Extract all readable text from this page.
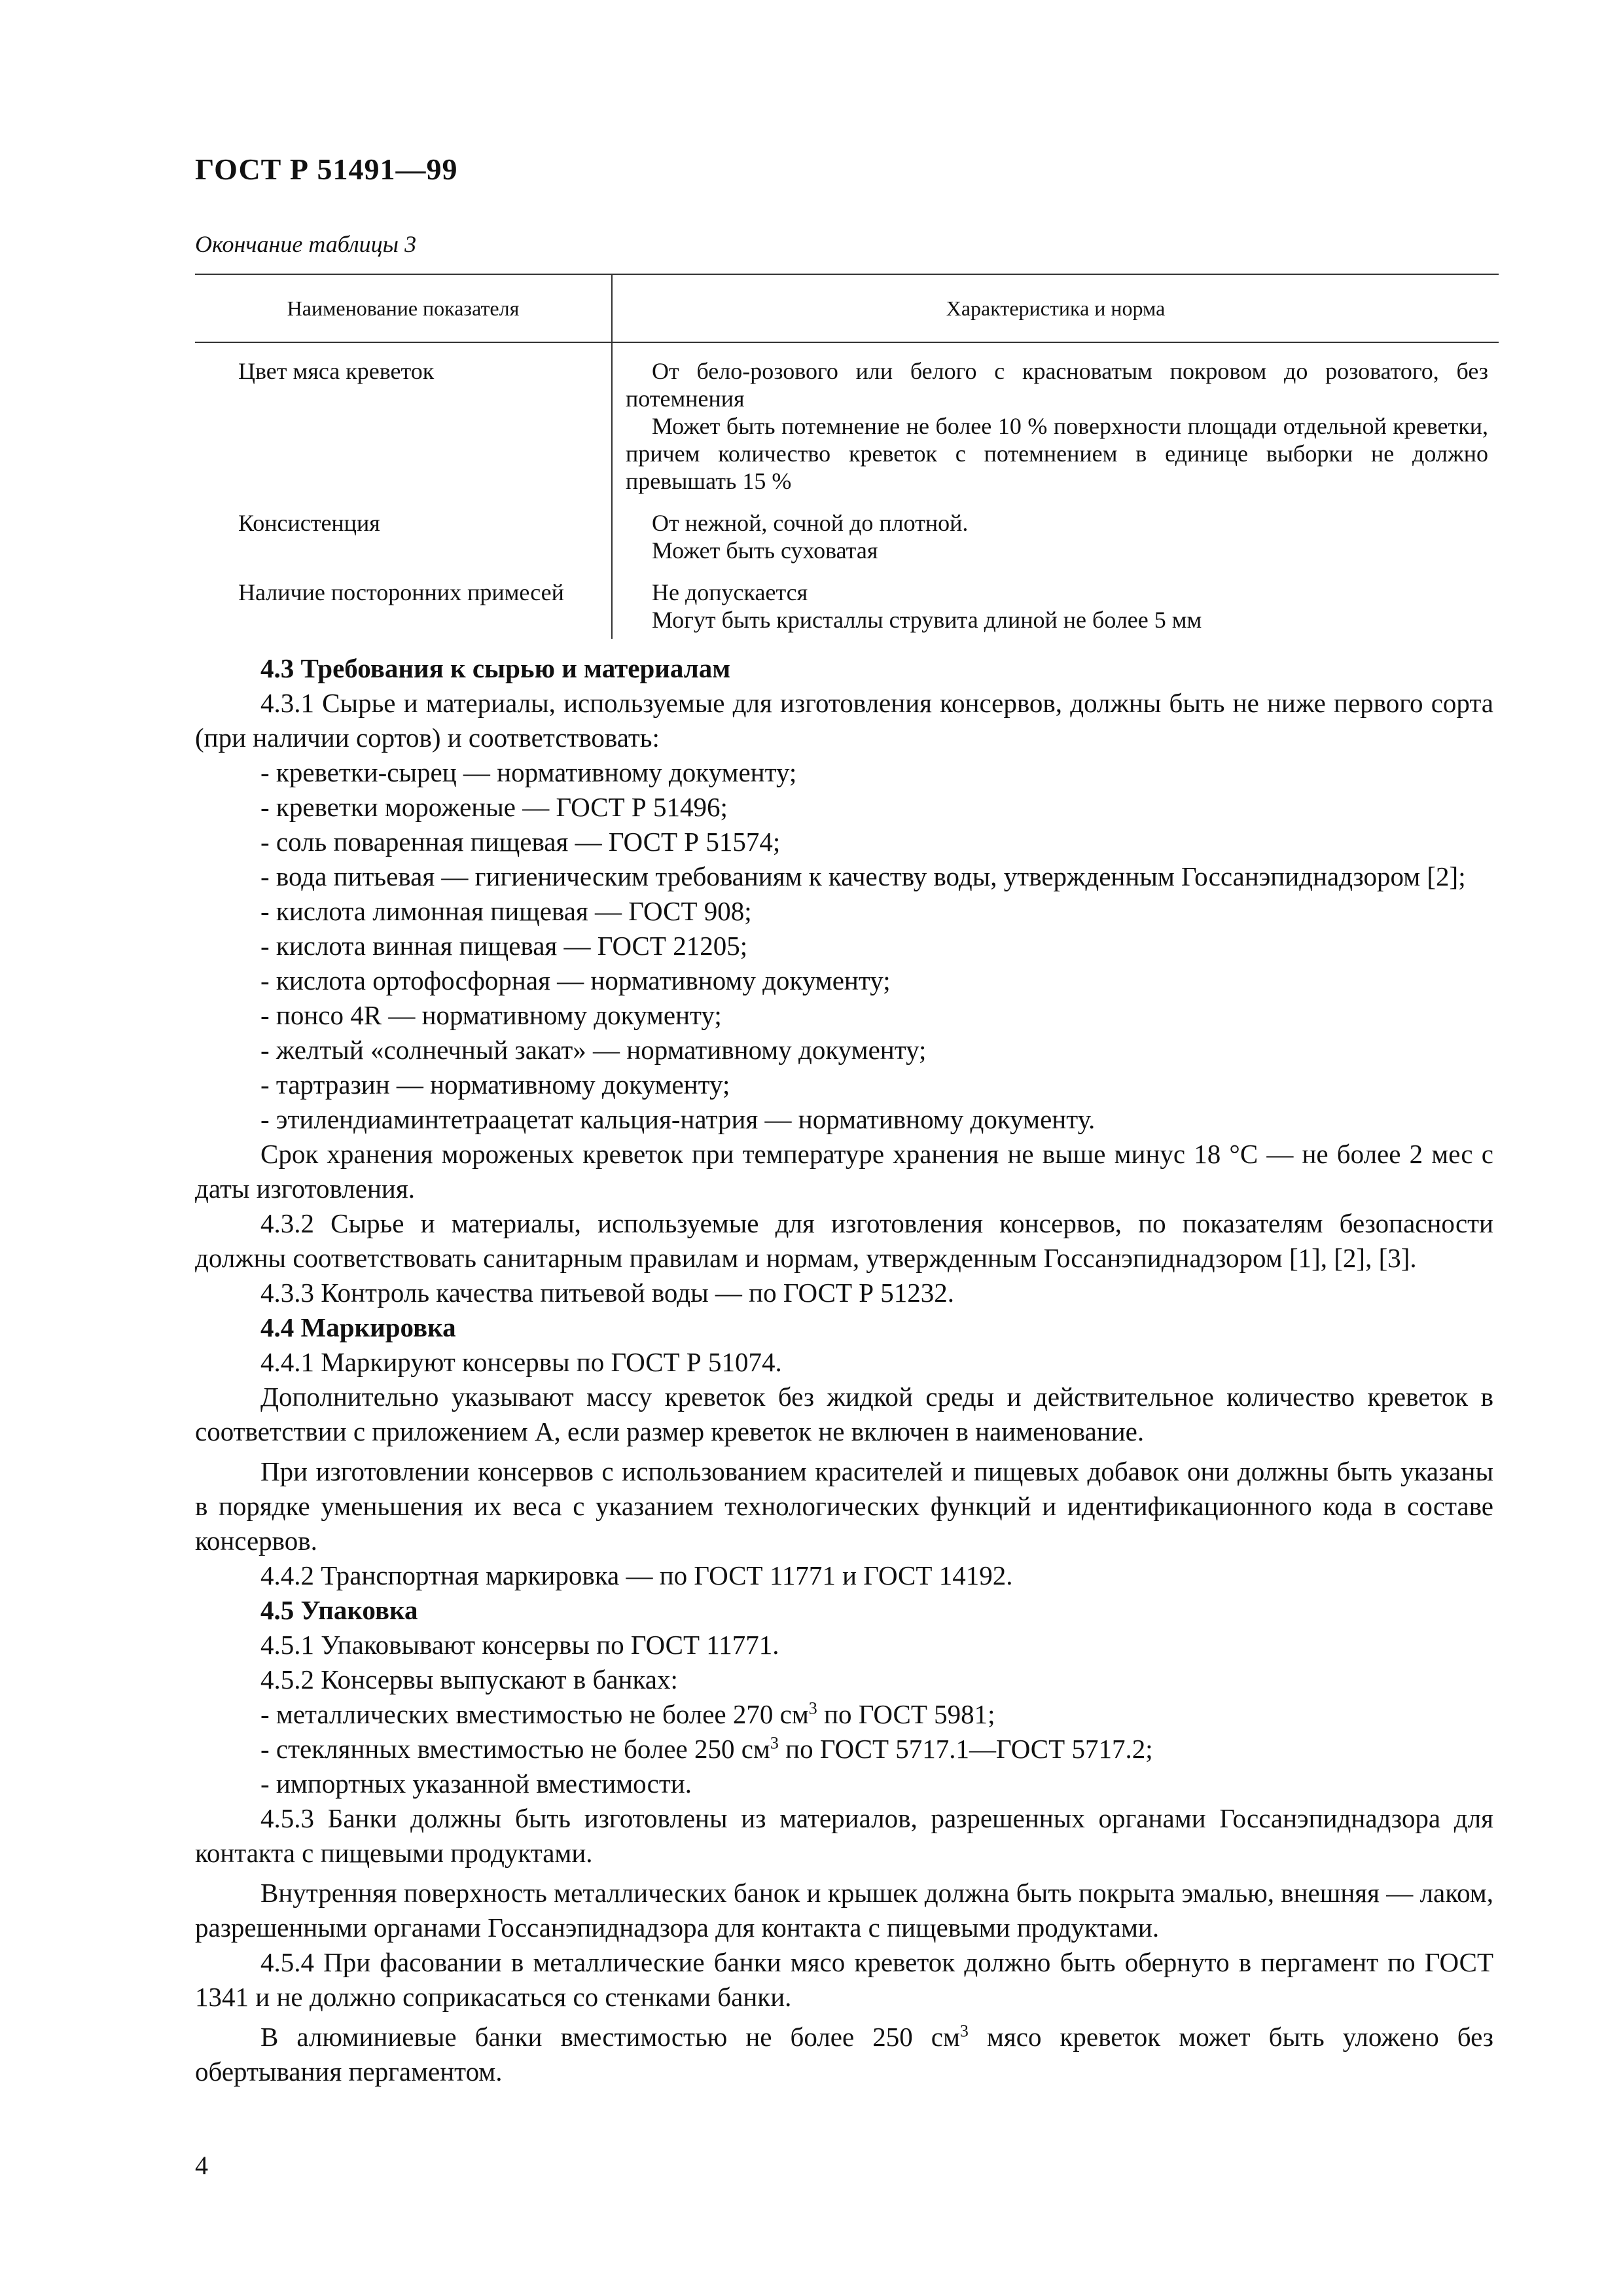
ГОСТ Р 51491—99
Окончание таблицы 3
Наименование показателя	Характеристика и норма

Цвет мяса креветок	От бело-розового или белого с красноватым покровом до розоватого, без потемнения
Может быть потемнение не более 10 % поверхности площади отдельной креветки, причем количество креветок с потемнением в единице выборки не должно превышать 15 %

Консистенция	От нежной, сочной до плотной.
Может быть суховатая

Наличие посторонних примесей	Не допускается
Могут быть кристаллы струвита длиной не более 5 мм
4.3 Требования к сырью и материалам

4.3.1 Сырье и материалы, используемые для изготовления консервов, должны быть не ниже первого сорта (при наличии сортов) и соответствовать:

- креветки-сырец — нормативному документу;

- креветки мороженые — ГОСТ Р 51496;

- соль поваренная пищевая — ГОСТ Р 51574;

- вода питьевая — гигиеническим требованиям к качеству воды, утвержденным Госсанэпиднадзором [2];

- кислота лимонная пищевая — ГОСТ 908;

- кислота винная пищевая — ГОСТ 21205;

- кислота ортофосфорная — нормативному документу;

- понсо 4R — нормативному документу;

- желтый «солнечный закат» — нормативному документу;

- тартразин — нормативному документу;

- этилендиаминтетраацетат кальция-натрия — нормативному документу.

Срок хранения мороженых креветок при температуре хранения не выше минус 18 °С — не более 2 мес с даты изготовления.

4.3.2 Сырье и материалы, используемые для изготовления консервов, по показателям безопасности должны соответствовать санитарным правилам и нормам, утвержденным Госсанэпиднадзором [1], [2], [3].

4.3.3 Контроль качества питьевой воды — по ГОСТ Р 51232.

4.4 Маркировка

4.4.1 Маркируют консервы по ГОСТ Р 51074.

Дополнительно указывают массу креветок без жидкой среды и действительное количество креветок в соответствии с приложением А, если размер креветок не включен в наименование.

При изготовлении консервов с использованием красителей и пищевых добавок они должны быть указаны в порядке уменьшения их веса с указанием технологических функций и идентификационного кода в составе консервов.

4.4.2 Транспортная маркировка — по ГОСТ 11771 и ГОСТ 14192.

4.5 Упаковка

4.5.1 Упаковывают консервы по ГОСТ 11771.

4.5.2 Консервы выпускают в банках:

- металлических вместимостью не более 270 $см^3$ по ГОСТ 5981;

- стеклянных вместимостью не более 250 $см^3$ по ГОСТ 5717.1—ГОСТ 5717.2;

- импортных указанной вместимости.

4.5.3 Банки должны быть изготовлены из материалов, разрешенных органами Госсанэпиднадзора для контакта с пищевыми продуктами.

Внутренняя поверхность металлических банок и крышек должна быть покрыта эмалью, внешняя — лаком, разрешенными органами Госсанэпиднадзора для контакта с пищевыми продуктами.

4.5.4 При фасовании в металлические банки мясо креветок должно быть обернуто в пергамент по ГОСТ 1341 и не должно соприкасаться со стенками банки.

В алюминиевые банки вместимостью не более 250 $см^3$ мясо креветок может быть уложено без обертывания пергаментом.

4
